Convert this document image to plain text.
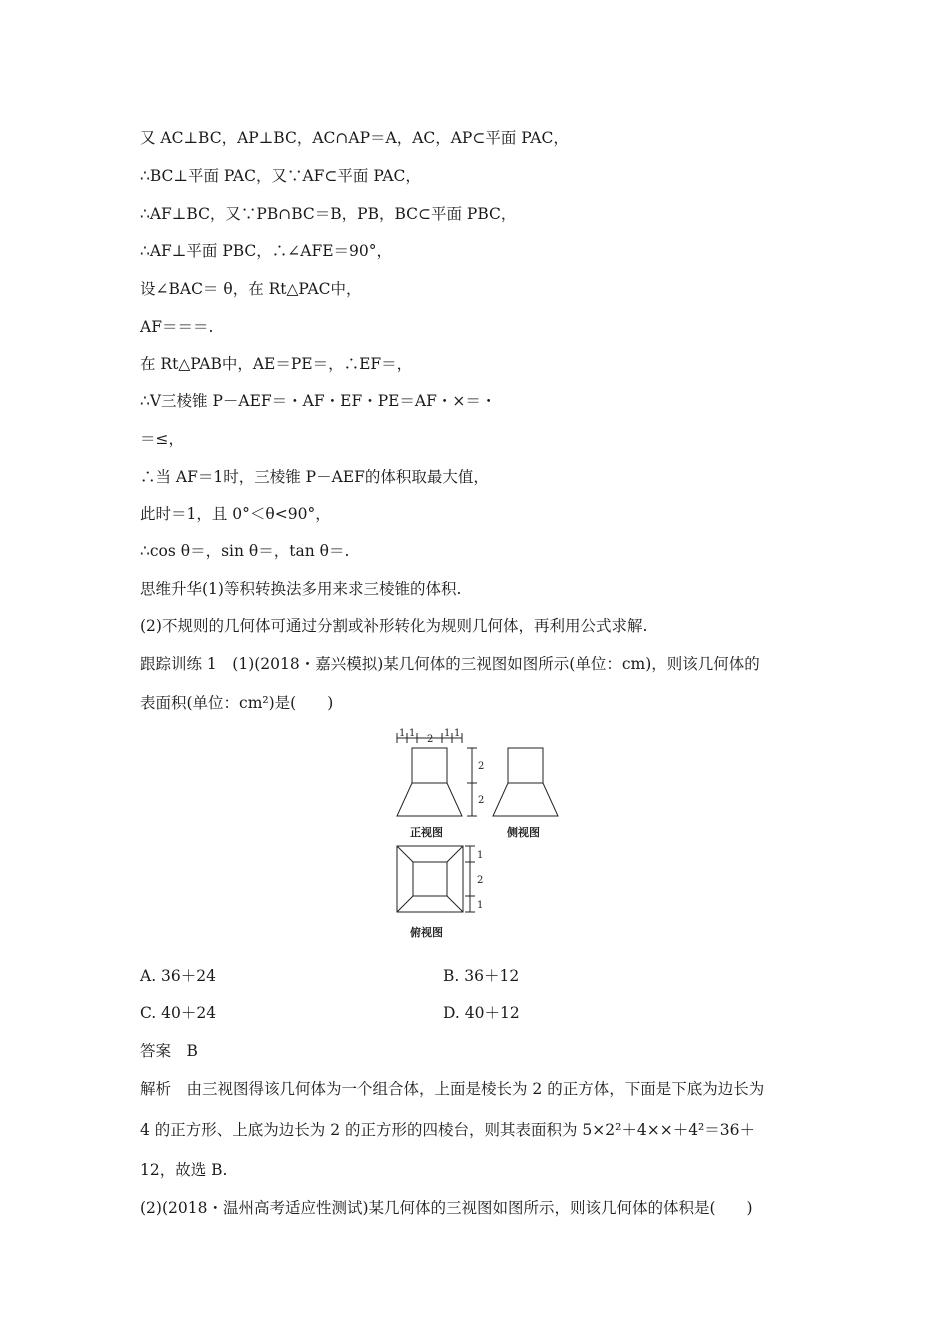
又 AC⊥BC，AP⊥BC，AC∩AP＝A，AC，AP⊂平面 PAC，
∴BC⊥平面 PAC，又∵AF⊂平面 PAC，
∴AF⊥BC，又∵PB∩BC＝B，PB，BC⊂平面 PBC，
∴AF⊥平面 PBC，∴∠AFE＝90°，
设∠BAC＝ θ，在 Rt△PAC中，
AF＝＝＝.
在 Rt△PAB中，AE＝PE＝，∴EF＝，
∴V三棱锥 P－AEF＝・AF・EF・PE＝AF・×＝・
＝≤，
∴当 AF＝1时，三棱锥 P－AEF的体积取最大值，
此时＝1，且 0°＜θ<90°，
∴cos θ＝，sin θ＝，tan θ＝.
思维升华(1)等积转换法多用来求三棱锥的体积.
(2)不规则的几何体可通过分割或补形转化为规则几何体，再利用公式求解.
跟踪训练 1　(1)(2018・嘉兴模拟)某几何体的三视图如图所示(单位：cm)，则该几何体的
表面积(单位：cm²)是(　　)
1 1
2
1 1
2
2
1
2
1
正视图	侧视图
俯视图
A. 36＋24	B. 36＋12
C. 40＋24	D. 40＋12
答案　B
解析　由三视图得该几何体为一个组合体，上面是棱长为 2 的正方体，下面是下底为边长为
4 的正方形、上底为边长为 2 的正方形的四棱台，则其表面积为 5×2²＋4××＋4²＝36＋
12，故选 B.
(2)(2018・温州高考适应性测试)某几何体的三视图如图所示，则该几何体的体积是(　　)
